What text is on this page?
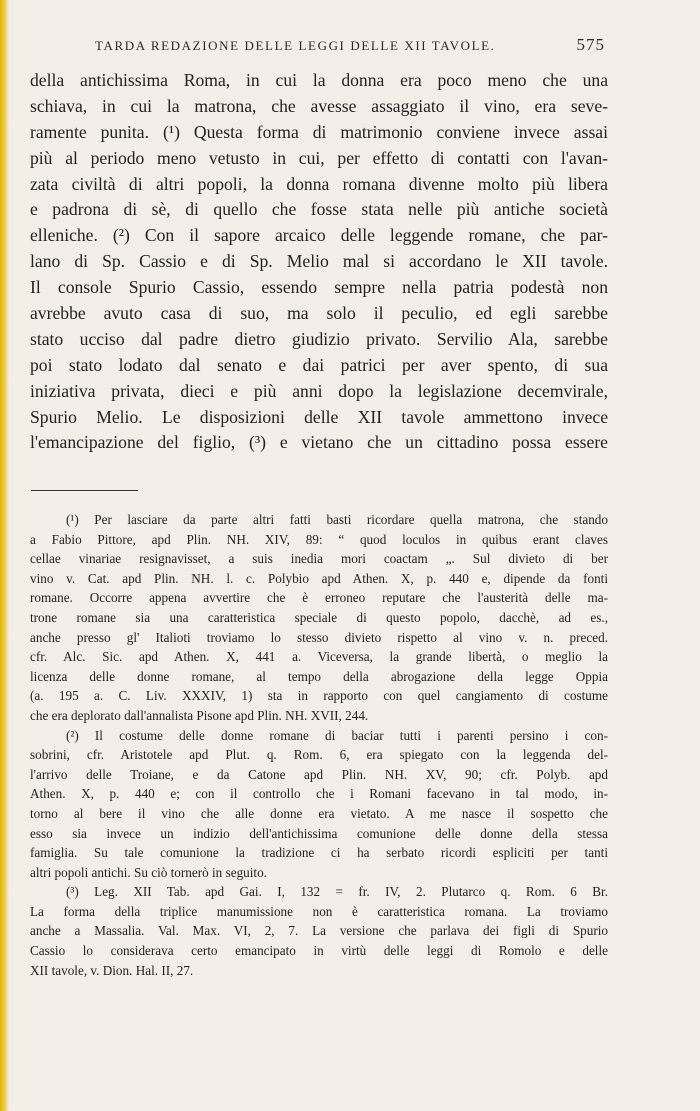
TARDA REDAZIONE DELLE LEGGI DELLE XII TAVOLE.	575
della antichissima Roma, in cui la donna era poco meno che una
schiava, in cui la matrona, che avesse assaggiato il vino, era seve-
ramente punita. (¹) Questa forma di matrimonio conviene invece assai
più al periodo meno vetusto in cui, per effetto di contatti con l'avan-
zata civiltà di altri popoli, la donna romana divenne molto più libera
e padrona di sè, di quello che fosse stata nelle più antiche società
elleniche. (²) Con il sapore arcaico delle leggende romane, che par-
lano di Sp. Cassio e di Sp. Melio mal si accordano le XII tavole.
Il console Spurio Cassio, essendo sempre nella patria podestà non
avrebbe avuto casa di suo, ma solo il peculio, ed egli sarebbe
stato ucciso dal padre dietro giudizio privato. Servilio Ala, sarebbe
poi stato lodato dal senato e dai patrici per aver spento, di sua
iniziativa privata, dieci e più anni dopo la legislazione decemvirale,
Spurio Melio. Le disposizioni delle XII tavole ammettono invece
l'emancipazione del figlio, (³) e vietano che un cittadino possa essere
(¹) Per lasciare da parte altri fatti basti ricordare quella matrona, che stando
a Fabio Pittore, apd Plin. NH. XIV, 89: “ quod loculos in quibus erant claves
cellae vinariae resignavisset, a suis inedia mori coactam „. Sul divieto di ber
vino v. Cat. apd Plin. NH. l. c. Polybio apd Athen. X, p. 440 e, dipende da fonti
romane. Occorre appena avvertire che è erroneo reputare che l'austerità delle ma-
trone romane sia una caratteristica speciale di questo popolo, dacchè, ad es.,
anche presso gl' Italioti troviamo lo stesso divieto rispetto al vino v. n. preced.
cfr. Alc. Sic. apd Athen. X, 441 a. Viceversa, la grande libertà, o meglio la
licenza delle donne romane, al tempo della abrogazione della legge Oppia
(a. 195 a. C. Liv. XXXIV, 1) sta in rapporto con quel cangiamento di costume
che era deplorato dall'annalista Pisone apd Plin. NH. XVII, 244.
(²) Il costume delle donne romane di baciar tutti i parenti persino i con-
sobrini, cfr. Aristotele apd Plut. q. Rom. 6, era spiegato con la leggenda del-
l'arrivo delle Troiane, e da Catone apd Plin. NH. XV, 90; cfr. Polyb. apd
Athen. X, p. 440 e; con il controllo che i Romani facevano in tal modo, in-
torno al bere il vino che alle donne era vietato. A me nasce il sospetto che
esso sia invece un indizio dell'antichissima comunione delle donne della stessa
famiglia. Su tale comunione la tradizione ci ha serbato ricordi espliciti per tanti
altri popoli antichi. Su ciò tornerò in seguito.
(³) Leg. XII Tab. apd Gai. I, 132 = fr. IV, 2. Plutarco q. Rom. 6 Br.
La forma della triplice manumissione non è caratteristica romana. La troviamo
anche a Massalia. Val. Max. VI, 2, 7. La versione che parlava dei figli di Spurio
Cassio lo considerava certo emancipato in virtù delle leggi di Romolo e delle
XII tavole, v. Dion. Hal. II, 27.
